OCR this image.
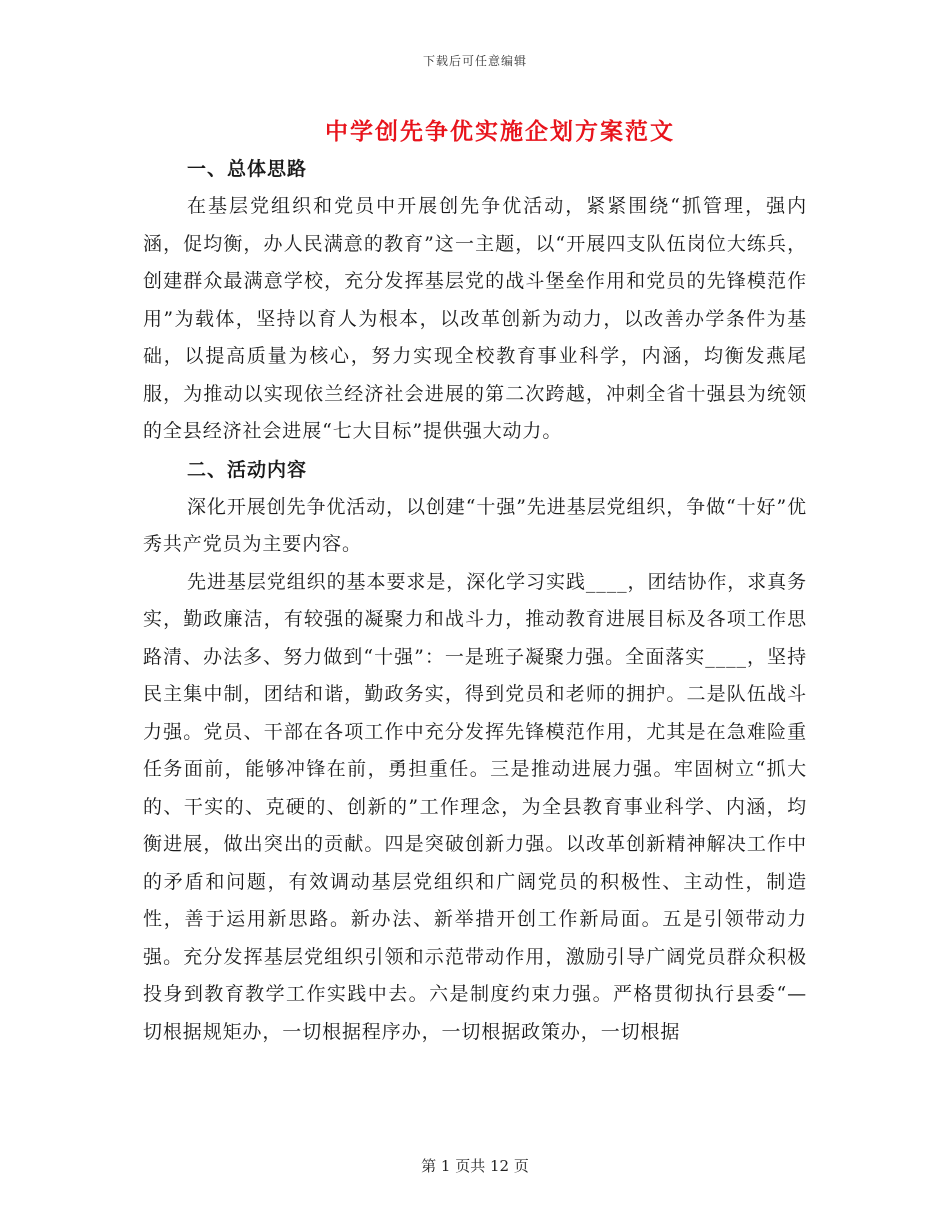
下载后可任意编辑
中学创先争优实施企划方案范文

一、总体思路

在基层党组织和党员中开展创先争优活动，紧紧围绕“抓管理，强内涵，促均衡，办人民满意的教育”这一主题，以“开展四支队伍岗位大练兵，创建群众最满意学校，充分发挥基层党的战斗堡垒作用和党员的先锋模范作用”为载体，坚持以育人为根本，以改革创新为动力，以改善办学条件为基础，以提高质量为核心，努力实现全校教育事业科学，内涵，均衡发燕尾服，为推动以实现依兰经济社会进展的第二次跨越，冲刺全省十强县为统领的全县经济社会进展“七大目标”提供强大动力。

二、活动内容

深化开展创先争优活动，以创建“十强”先进基层党组织，争做“十好”优秀共产党员为主要内容。

先进基层党组织的基本要求是，深化学习实践____，团结协作，求真务实，勤政廉洁，有较强的凝聚力和战斗力，推动教育进展目标及各项工作思路清、办法多、努力做到“十强”：一是班子凝聚力强。全面落实____，坚持民主集中制，团结和谐，勤政务实，得到党员和老师的拥护。二是队伍战斗力强。党员、干部在各项工作中充分发挥先锋模范作用，尤其是在急难险重任务面前，能够冲锋在前，勇担重任。三是推动进展力强。牢固树立“抓大的、干实的、克硬的、创新的”工作理念，为全县教育事业科学、内涵，均衡进展，做出突出的贡献。四是突破创新力强。以改革创新精神解决工作中的矛盾和问题，有效调动基层党组织和广阔党员的积极性、主动性，制造性，善于运用新思路。新办法、新举措开创工作新局面。五是引领带动力强。充分发挥基层党组织引领和示范带动作用，激励引导广阔党员群众积极投身到教育教学工作实践中去。六是制度约束力强。严格贯彻执行县委“—切根据规矩办，一切根据程序办，一切根据政策办，一切根据

第 1 页共 12 页
